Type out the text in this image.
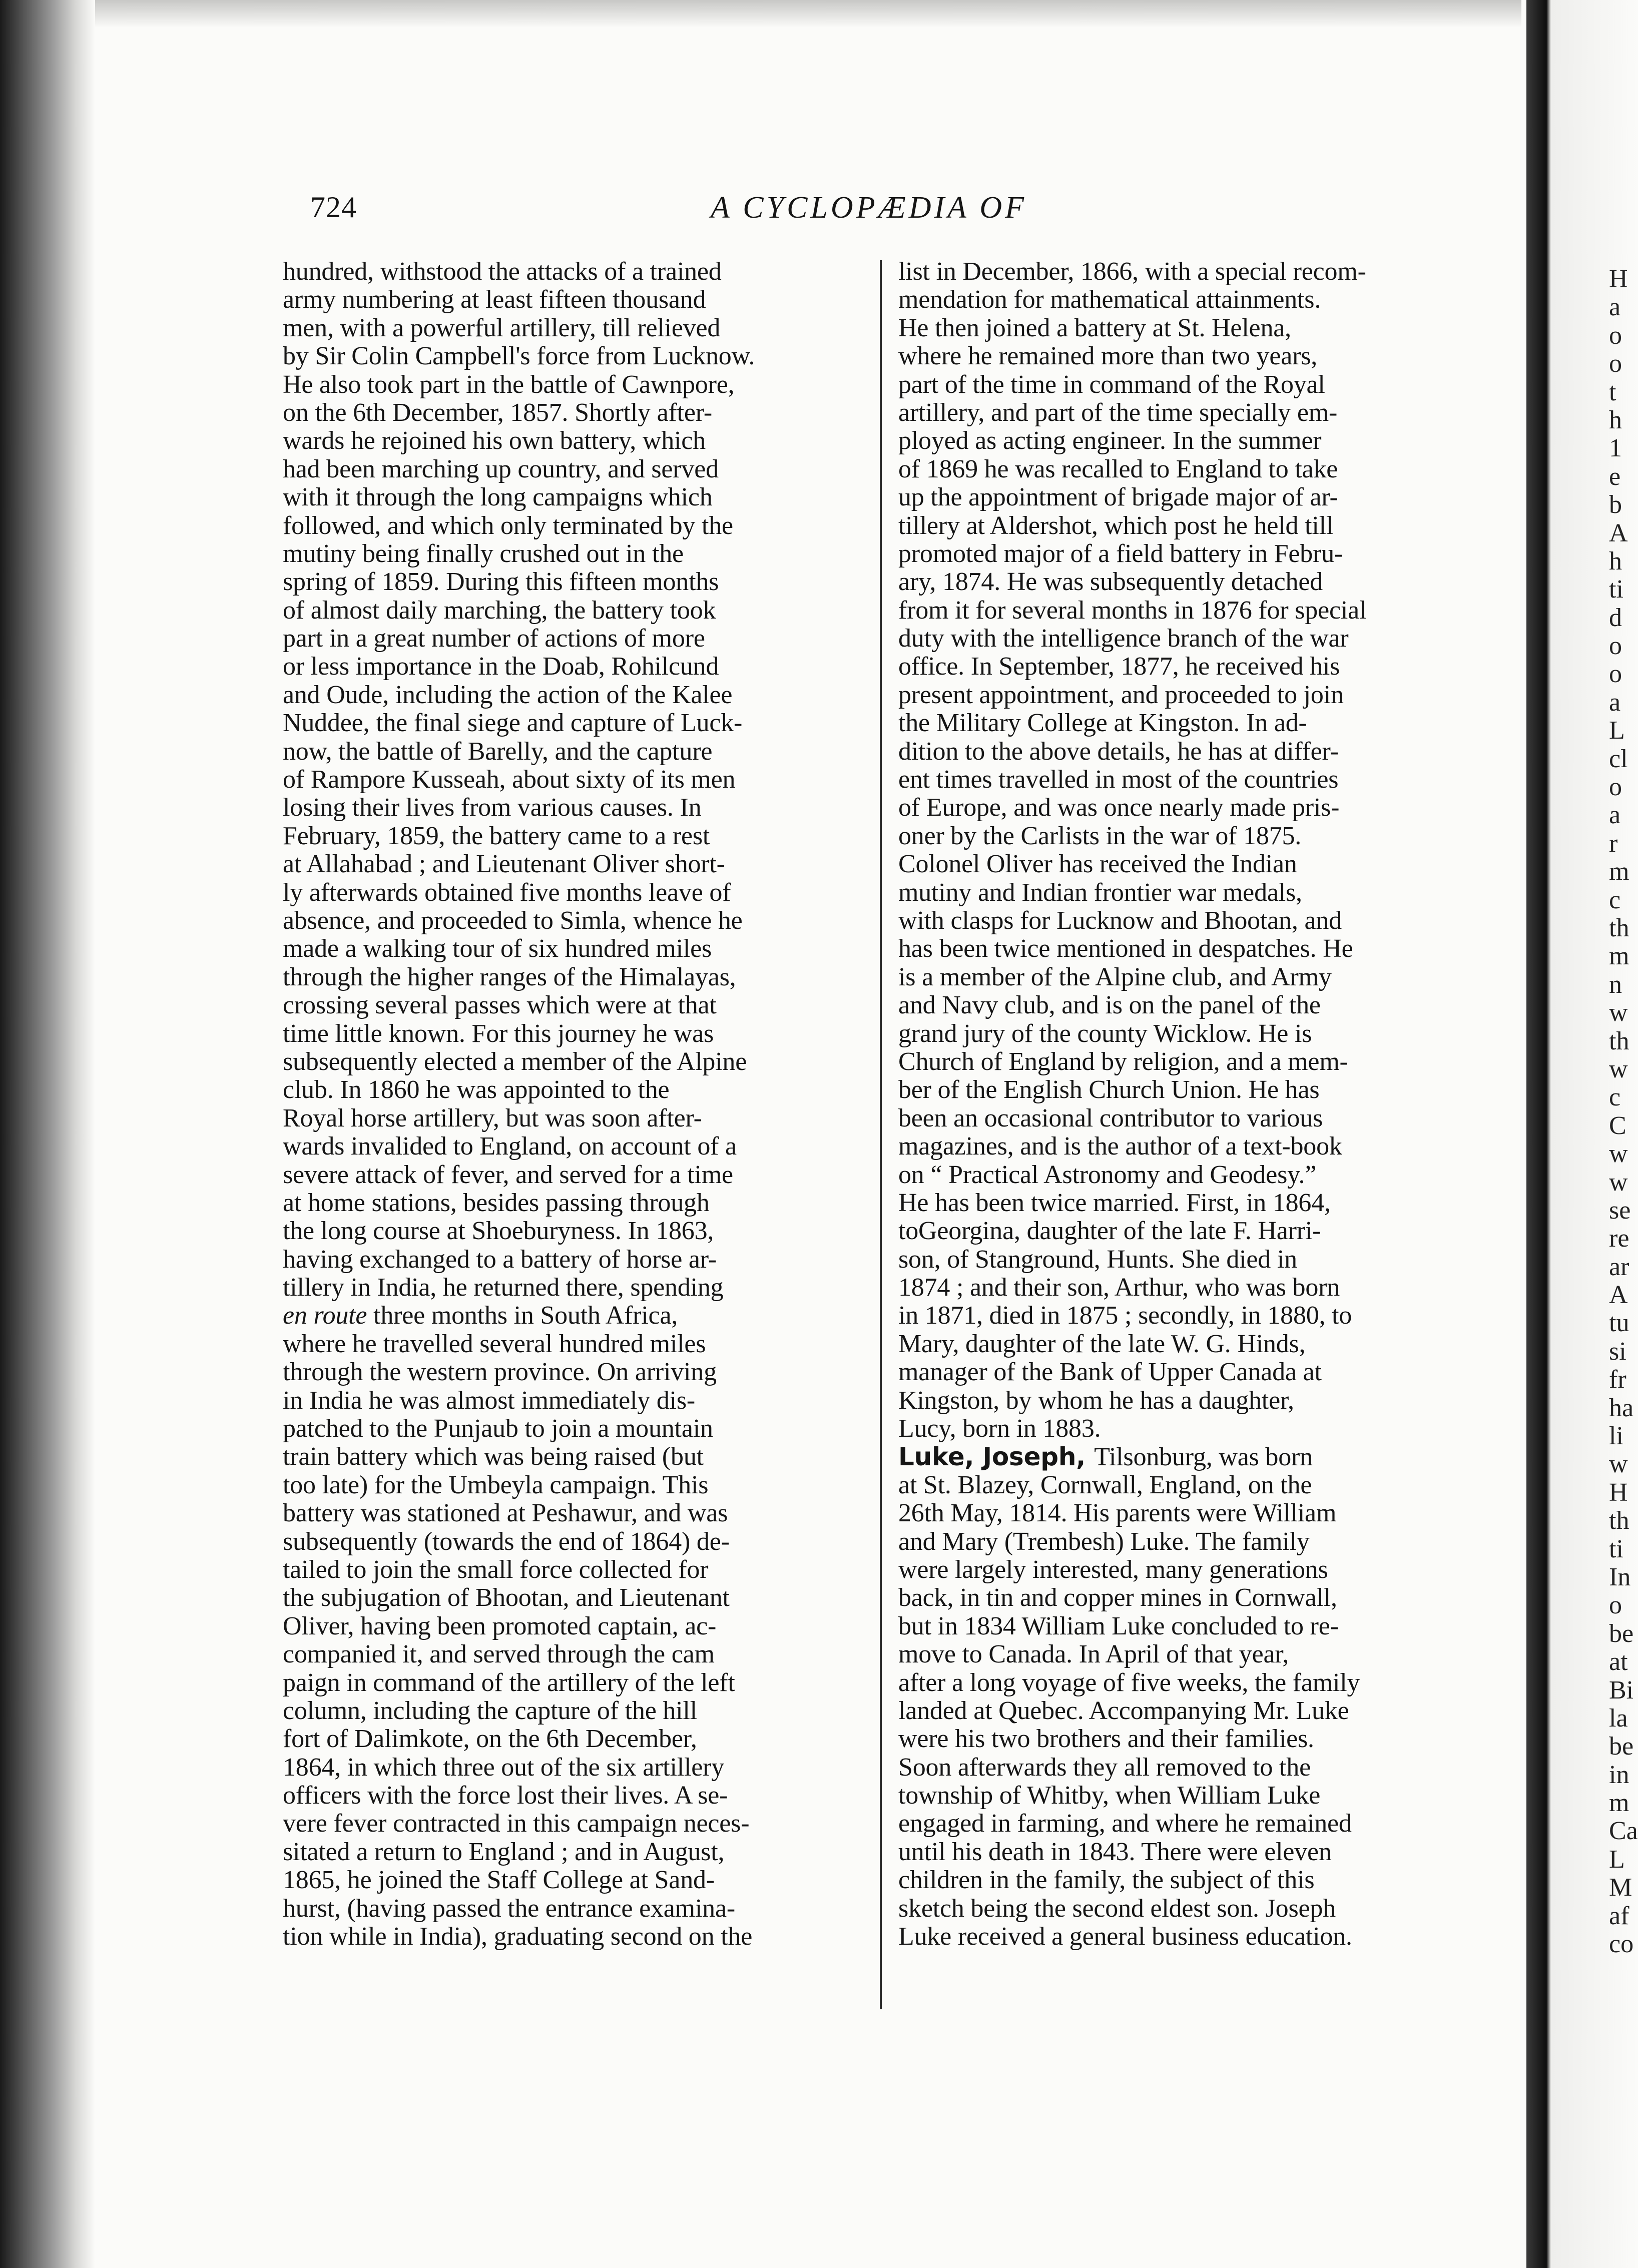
724	A CYCLOPÆDIA OF
hundred, withstood the attacks of a trained
army numbering at least fifteen thousand
men, with a powerful artillery, till relieved
by Sir Colin Campbell's force from Lucknow.
He also took part in the battle of Cawnpore,
on the 6th December, 1857. Shortly after-
wards he rejoined his own battery, which
had been marching up country, and served
with it through the long campaigns which
followed, and which only terminated by the
mutiny being finally crushed out in the
spring of 1859. During this fifteen months
of almost daily marching, the battery took
part in a great number of actions of more
or less importance in the Doab, Rohilcund
and Oude, including the action of the Kalee
Nuddee, the final siege and capture of Luck-
now, the battle of Barelly, and the capture
of Rampore Kusseah, about sixty of its men
losing their lives from various causes. In
February, 1859, the battery came to a rest
at Allahabad ; and Lieutenant Oliver short-
ly afterwards obtained five months leave of
absence, and proceeded to Simla, whence he
made a walking tour of six hundred miles
through the higher ranges of the Himalayas,
crossing several passes which were at that
time little known. For this journey he was
subsequently elected a member of the Alpine
club. In 1860 he was appointed to the
Royal horse artillery, but was soon after-
wards invalided to England, on account of a
severe attack of fever, and served for a time
at home stations, besides passing through
the long course at Shoeburyness. In 1863,
having exchanged to a battery of horse ar-
tillery in India, he returned there, spending
en route three months in South Africa,
where he travelled several hundred miles
through the western province. On arriving
in India he was almost immediately dis-
patched to the Punjaub to join a mountain
train battery which was being raised (but
too late) for the Umbeyla campaign. This
battery was stationed at Peshawur, and was
subsequently (towards the end of 1864) de-
tailed to join the small force collected for
the subjugation of Bhootan, and Lieutenant
Oliver, having been promoted captain, ac-
companied it, and served through the cam
paign in command of the artillery of the left
column, including the capture of the hill
fort of Dalimkote, on the 6th December,
1864, in which three out of the six artillery
officers with the force lost their lives. A se-
vere fever contracted in this campaign neces-
sitated a return to England ; and in August,
1865, he joined the Staff College at Sand-
hurst, (having passed the entrance examina-
tion while in India), graduating second on the
list in December, 1866, with a special recom-
mendation for mathematical attainments.
He then joined a battery at St. Helena,
where he remained more than two years,
part of the time in command of the Royal
artillery, and part of the time specially em-
ployed as acting engineer. In the summer
of 1869 he was recalled to England to take
up the appointment of brigade major of ar-
tillery at Aldershot, which post he held till
promoted major of a field battery in Febru-
ary, 1874. He was subsequently detached
from it for several months in 1876 for special
duty with the intelligence branch of the war
office. In September, 1877, he received his
present appointment, and proceeded to join
the Military College at Kingston. In ad-
dition to the above details, he has at differ-
ent times travelled in most of the countries
of Europe, and was once nearly made pris-
oner by the Carlists in the war of 1875.
Colonel Oliver has received the Indian
mutiny and Indian frontier war medals,
with clasps for Lucknow and Bhootan, and
has been twice mentioned in despatches. He
is a member of the Alpine club, and Army
and Navy club, and is on the panel of the
grand jury of the county Wicklow. He is
Church of England by religion, and a mem-
ber of the English Church Union. He has
been an occasional contributor to various
magazines, and is the author of a text-book
on “ Practical Astronomy and Geodesy.”
He has been twice married. First, in 1864,
toGeorgina, daughter of the late F. Harri-
son, of Stanground, Hunts. She died in
1874 ; and their son, Arthur, who was born
in 1871, died in 1875 ; secondly, in 1880, to
Mary, daughter of the late W. G. Hinds,
manager of the Bank of Upper Canada at
Kingston, by whom he has a daughter,
Lucy, born in 1883.
Luke, Joseph, Tilsonburg, was born
at St. Blazey, Cornwall, England, on the
26th May, 1814. His parents were William
and Mary (Trembesh) Luke. The family
were largely interested, many generations
back, in tin and copper mines in Cornwall,
but in 1834 William Luke concluded to re-
move to Canada. In April of that year,
after a long voyage of five weeks, the family
landed at Quebec. Accompanying Mr. Luke
were his two brothers and their families.
Soon afterwards they all removed to the
township of Whitby, when William Luke
engaged in farming, and where he remained
until his death in 1843. There were eleven
children in the family, the subject of this
sketch being the second eldest son. Joseph
Luke received a general business education.
H
a
o
o
t
h
1
e
b
A
h
ti
d
o
o
a
L
cl
o
a
r
m
c
th
m
n
w
th
w
c
C
w
w
se
re
ar
A
tu
si
fr
ha
li
w
H
th
ti
In
o
be
at
Bi
la
be
in
m
Ca
L
M
af
co
